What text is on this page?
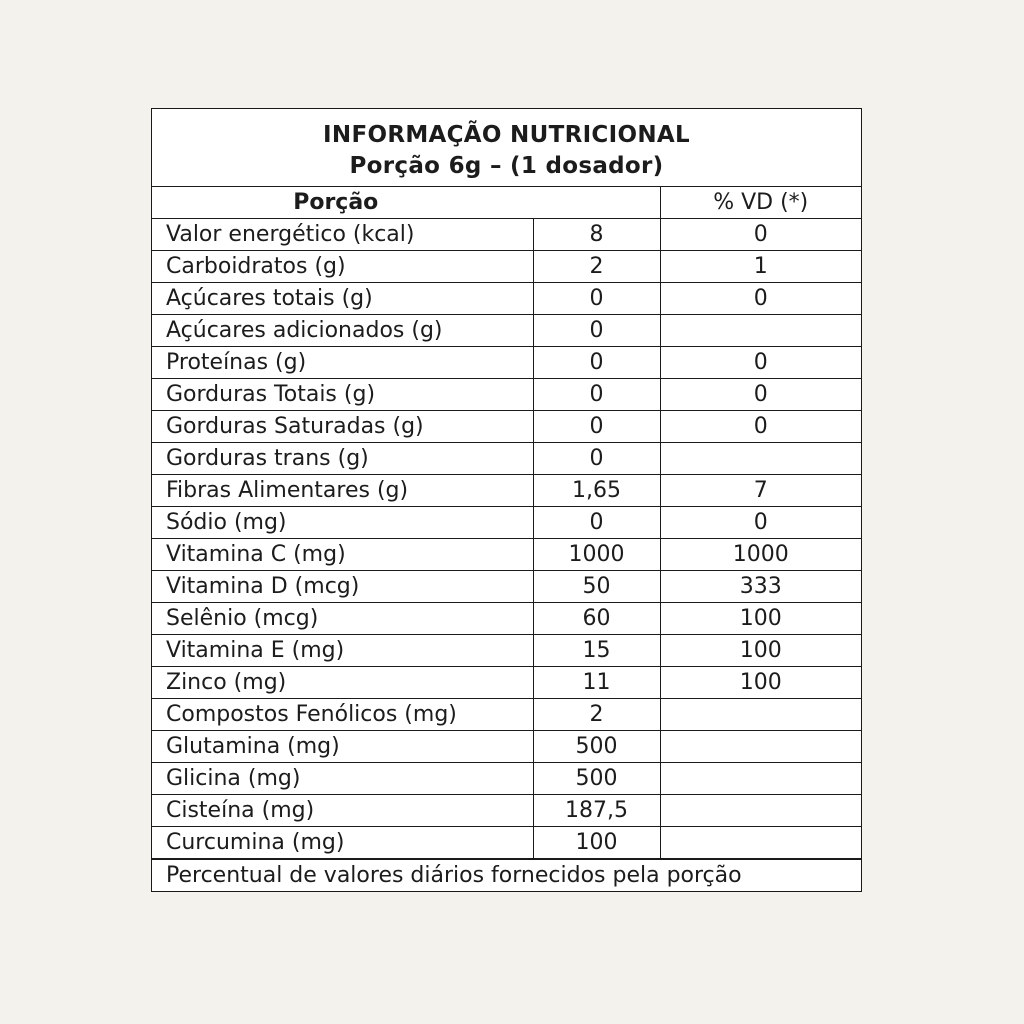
INFORMAÇÃO NUTRICIONAL
Porção 6g – (1 dosador)
Porção		% VD (*)
Valor energético (kcal)	8	0
Carboidratos (g)	2	1
Açúcares totais (g)	0	0
Açúcares adicionados (g)	0	
Proteínas (g)	0	0
Gorduras Totais (g)	0	0
Gorduras Saturadas (g)	0	0
Gorduras trans (g)	0	
Fibras Alimentares (g)	1,65	7
Sódio (mg)	0	0
Vitamina C (mg)	1000	1000
Vitamina D (mcg)	50	333
Selênio (mcg)	60	100
Vitamina E (mg)	15	100
Zinco (mg)	11	100
Compostos Fenólicos (mg)	2	
Glutamina (mg)	500	
Glicina (mg)	500	
Cisteína (mg)	187,5	
Curcumina (mg)	100	
Percentual de valores diários fornecidos pela porção
